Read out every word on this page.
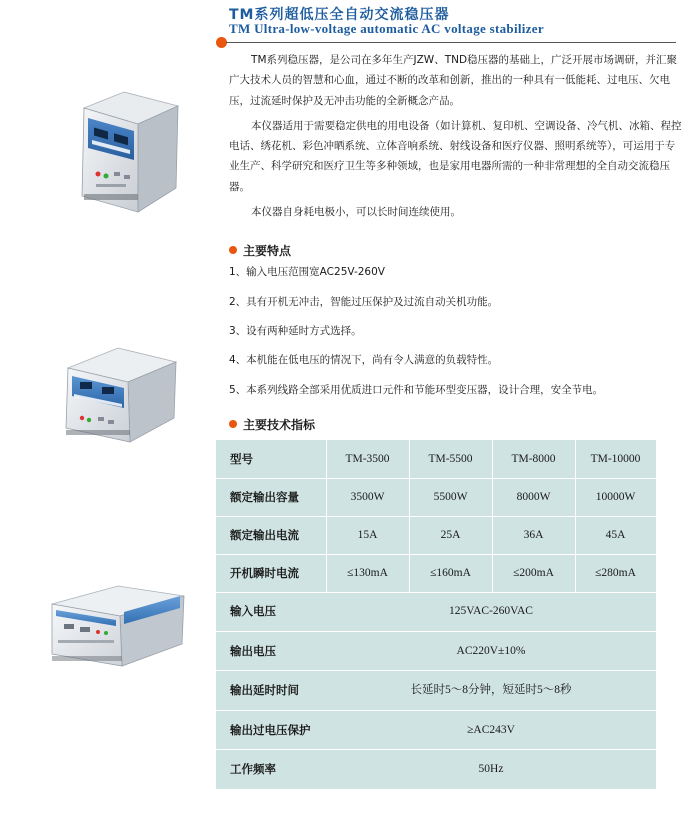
TM系列超低压全自动交流稳压器
TM Ultra-low-voltage automatic AC voltage stabilizer

TM系列稳压器，是公司在多年生产JZW、TND稳压器的基础上，广泛开展市场调研，并汇聚广大技术人员的智慧和心血，通过不断的改革和创新，推出的一种具有一低能耗、过电压、欠电压，过流延时保护及无冲击功能的全新概念产品。

本仪器适用于需要稳定供电的用电设备（如计算机、复印机、空调设备、冷气机、冰箱、程控电话、绣花机、彩色冲晒系统、立体音响系统、射线设备和医疗仪器、照明系统等），可运用于专业生产、科学研究和医疗卫生等多种领域，也是家用电器所需的一种非常理想的全自动交流稳压器。

本仪器自身耗电极小，可以长时间连续使用。

主要特点
1、输入电压范围宽AC25V-260V
2、具有开机无冲击，智能过压保护及过流自动关机功能。
3、设有两种延时方式选择。
4、本机能在低电压的情况下，尚有令人满意的负载特性。
5、本系列线路全部采用优质进口元件和节能环型变压器，设计合理，安全节电。
主要技术指标
型号	TM-3500	TM-5500	TM-8000	TM-10000
额定输出容量	3500W	5500W	8000W	10000W
额定输出电流	15A	25A	36A	45A
开机瞬时电流	≤130mA	≤160mA	≤200mA	≤280mA
输入电压	125VAC-260VAC
输出电压	AC220V±10%
输出延时时间	长延时5～8分钟，短延时5～8秒
输出过电压保护	≥AC243V
工作频率	50Hz
